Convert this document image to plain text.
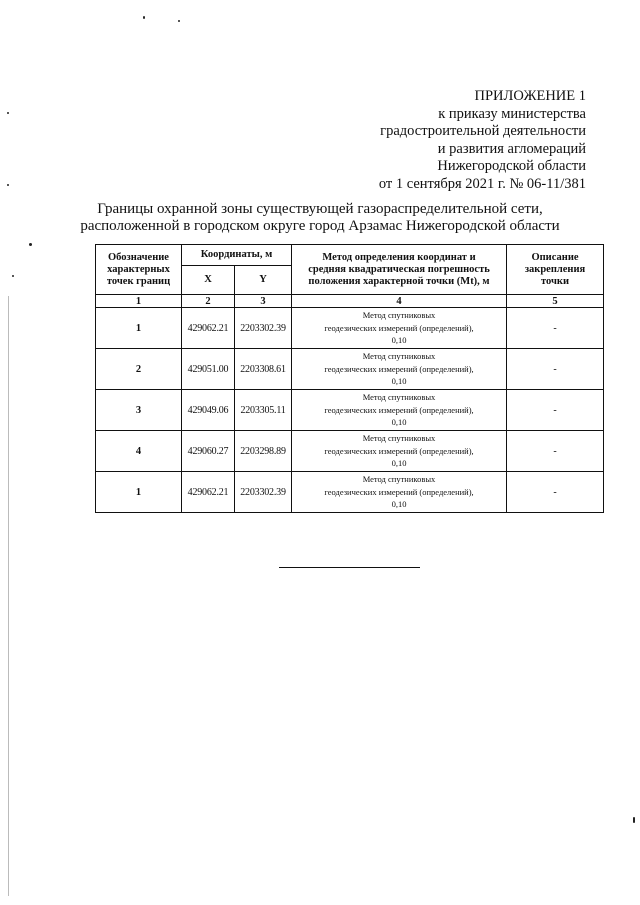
ПРИЛОЖЕНИЕ 1
к приказу министерства
градостроительной деятельности
и развития агломераций
Нижегородской области
от 1 сентября 2021 г. № 06-11/381
Границы охранной зоны существующей газораспределительной сети,
расположенной в городском округе город Арзамас Нижегородской области
Обозначение
характерных
точек границ	Координаты, м		Метод определения координат и
средняя квадратическая погрешность
положения характерной точки (Mt), м	Описание
закрепления
точки

	X	Y		
1	2	3	4	5
1	429062.21	2203302.39	Метод спутниковых
геодезических измерений (определений),
0,10	-
2	429051.00	2203308.61	Метод спутниковых
геодезических измерений (определений),
0,10	-
3	429049.06	2203305.11	Метод спутниковых
геодезических измерений (определений),
0,10	-
4	429060.27	2203298.89	Метод спутниковых
геодезических измерений (определений),
0,10	-
1	429062.21	2203302.39	Метод спутниковых
геодезических измерений (определений),
0,10	-
